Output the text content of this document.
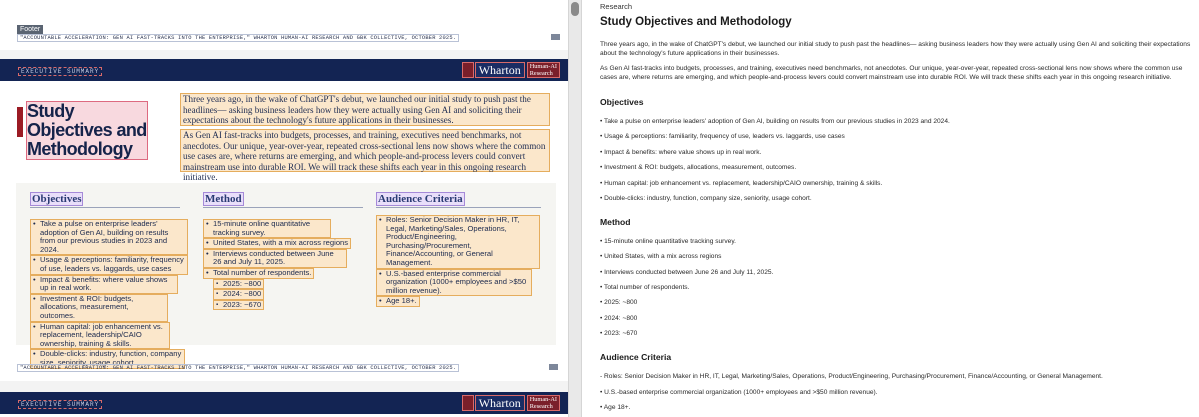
Footer
"ACCOUNTABLE ACCELERATION: GEN AI FAST-TRACKS INTO THE ENTERPRISE," WHARTON HUMAN-AI RESEARCH AND GBK COLLECTIVE, OCTOBER 2025.
EXECUTIVE SUMMARY	Wharton	Human-AI
Research
Study Objectives and Methodology
Three years ago, in the wake of ChatGPT's debut, we launched our initial study to push past the headlines— asking business leaders how they were actually using Gen AI and soliciting their expectations about the technology's future applications in their businesses.
As Gen AI fast-tracks into budgets, processes, and training, executives need benchmarks, not anecdotes. Our unique, year-over-year, repeated cross-sectional lens now shows where the common use cases are, where returns are emerging, and which people-and-process levers could convert mainstream use into durable ROI. We will track these shifts each year in this ongoing research initiative.
Objectives	Method	Audience Criteria
• Take a pulse on enterprise leaders' adoption of Gen AI, building on results from our previous studies in 2023 and 2024.
• Usage & perceptions: familiarity, frequency of use, leaders vs. laggards, use cases
• Impact & benefits: where value shows up in real work.
• Investment & ROI: budgets, allocations, measurement, outcomes.
• Human capital: job enhancement vs. replacement, leadership/CAIO ownership, training & skills.
• Double-clicks: industry, function, company size, seniority, usage cohort.
• 15-minute online quantitative tracking survey.
• United States, with a mix across regions
• Interviews conducted between June 26 and July 11, 2025.
• Total number of respondents.
▪ 2025: ~800
▪ 2024: ~800
▪ 2023: ~670
• Roles: Senior Decision Maker in HR, IT, Legal, Marketing/Sales, Operations, Product/Engineering, Purchasing/Procurement, Finance/Accounting, or General Management.
• U.S.-based enterprise commercial organization (1000+ employees and >$50 million revenue).
• Age 18+.
"ACCOUNTABLE ACCELERATION: GEN AI FAST-TRACKS INTO THE ENTERPRISE," WHARTON HUMAN-AI RESEARCH AND GBK COLLECTIVE, OCTOBER 2025.
EXECUTIVE SUMMARY	Wharton	Human-AI
Research
Research
Study Objectives and Methodology
Three years ago, in the wake of ChatGPT's debut, we launched our initial study to push past the headlines— asking business leaders how they were actually using Gen AI and soliciting their expectations about the technology's future applications in their businesses.
As Gen AI fast-tracks into budgets, processes, and training, executives need benchmarks, not anecdotes. Our unique, year-over-year, repeated cross-sectional lens now shows where the common use cases are, where returns are emerging, and which people-and-process levers could convert mainstream use into durable ROI. We will track these shifts each year in this ongoing research initiative.
Objectives
• Take a pulse on enterprise leaders' adoption of Gen AI, building on results from our previous studies in 2023 and 2024.
• Usage & perceptions: familiarity, frequency of use, leaders vs. laggards, use cases
• Impact & benefits: where value shows up in real work.
• Investment & ROI: budgets, allocations, measurement, outcomes.
• Human capital: job enhancement vs. replacement, leadership/CAIO ownership, training & skills.
• Double-clicks: industry, function, company size, seniority, usage cohort.
Method
• 15-minute online quantitative tracking survey.
• United States, with a mix across regions
• Interviews conducted between June 26 and July 11, 2025.
• Total number of respondents.
• 2025: ~800
• 2024: ~800
• 2023: ~670
Audience Criteria
- Roles: Senior Decision Maker in HR, IT, Legal, Marketing/Sales, Operations, Product/Engineering, Purchasing/Procurement, Finance/Accounting, or General Management.
• U.S.-based enterprise commercial organization (1000+ employees and >$50 million revenue).
• Age 18+.
